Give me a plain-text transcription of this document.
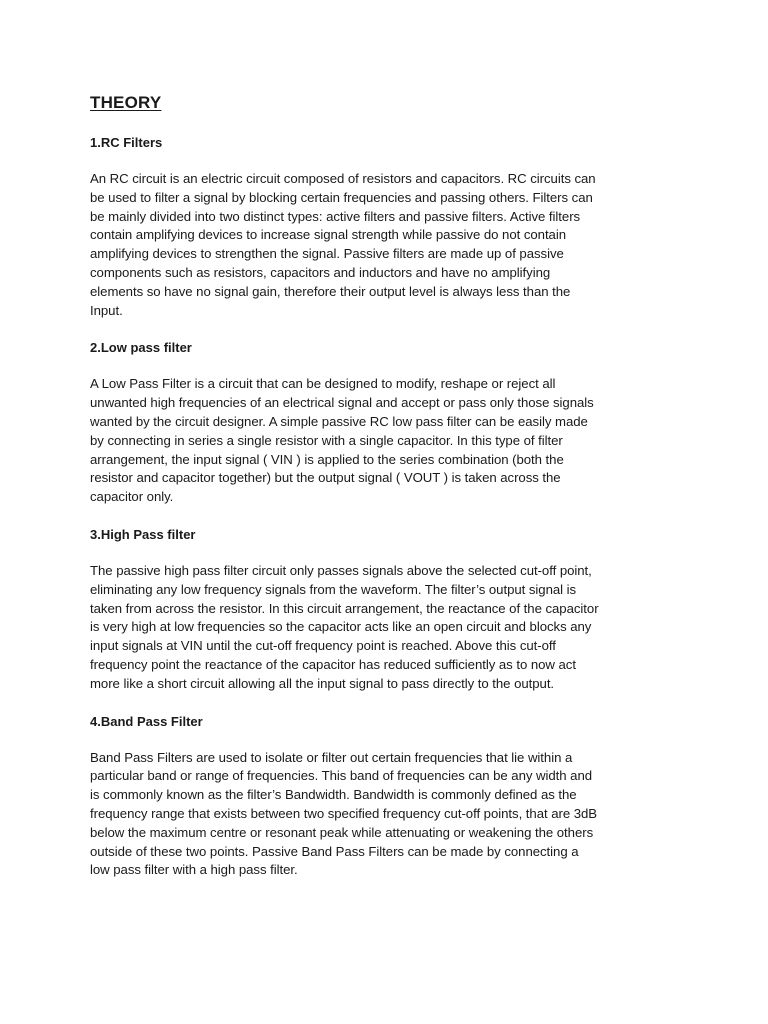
THEORY
1.RC Filters
An RC circuit is an electric circuit composed of resistors and capacitors. RC circuits can
be used to filter a signal by blocking certain frequencies and passing others. Filters can
be mainly divided into two distinct types: active filters and passive filters. Active filters
contain amplifying devices to increase signal strength while passive do not contain
amplifying devices to strengthen the signal. Passive filters are made up of passive
components such as resistors, capacitors and inductors and have no amplifying
elements so have no signal gain, therefore their output level is always less than the
Input.
2.Low pass filter
A Low Pass Filter is a circuit that can be designed to modify, reshape or reject all
unwanted high frequencies of an electrical signal and accept or pass only those signals
wanted by the circuit designer. A simple passive RC low pass filter can be easily made
by connecting in series a single resistor with a single capacitor. In this type of filter
arrangement, the input signal ( VIN ) is applied to the series combination (both the
resistor and capacitor together) but the output signal ( VOUT ) is taken across the
capacitor only.
3.High Pass filter
The passive high pass filter circuit only passes signals above the selected cut-off point,
eliminating any low frequency signals from the waveform. The filter’s output signal is
taken from across the resistor. In this circuit arrangement, the reactance of the capacitor
is very high at low frequencies so the capacitor acts like an open circuit and blocks any
input signals at VIN until the cut-off frequency point is reached. Above this cut-off
frequency point the reactance of the capacitor has reduced sufficiently as to now act
more like a short circuit allowing all the input signal to pass directly to the output.
4.Band Pass Filter
Band Pass Filters are used to isolate or filter out certain frequencies that lie within a
particular band or range of frequencies. This band of frequencies can be any width and
is commonly known as the filter’s Bandwidth. Bandwidth is commonly defined as the
frequency range that exists between two specified frequency cut-off points, that are 3dB
below the maximum centre or resonant peak while attenuating or weakening the others
outside of these two points. Passive Band Pass Filters can be made by connecting a
low pass filter with a high pass filter.
